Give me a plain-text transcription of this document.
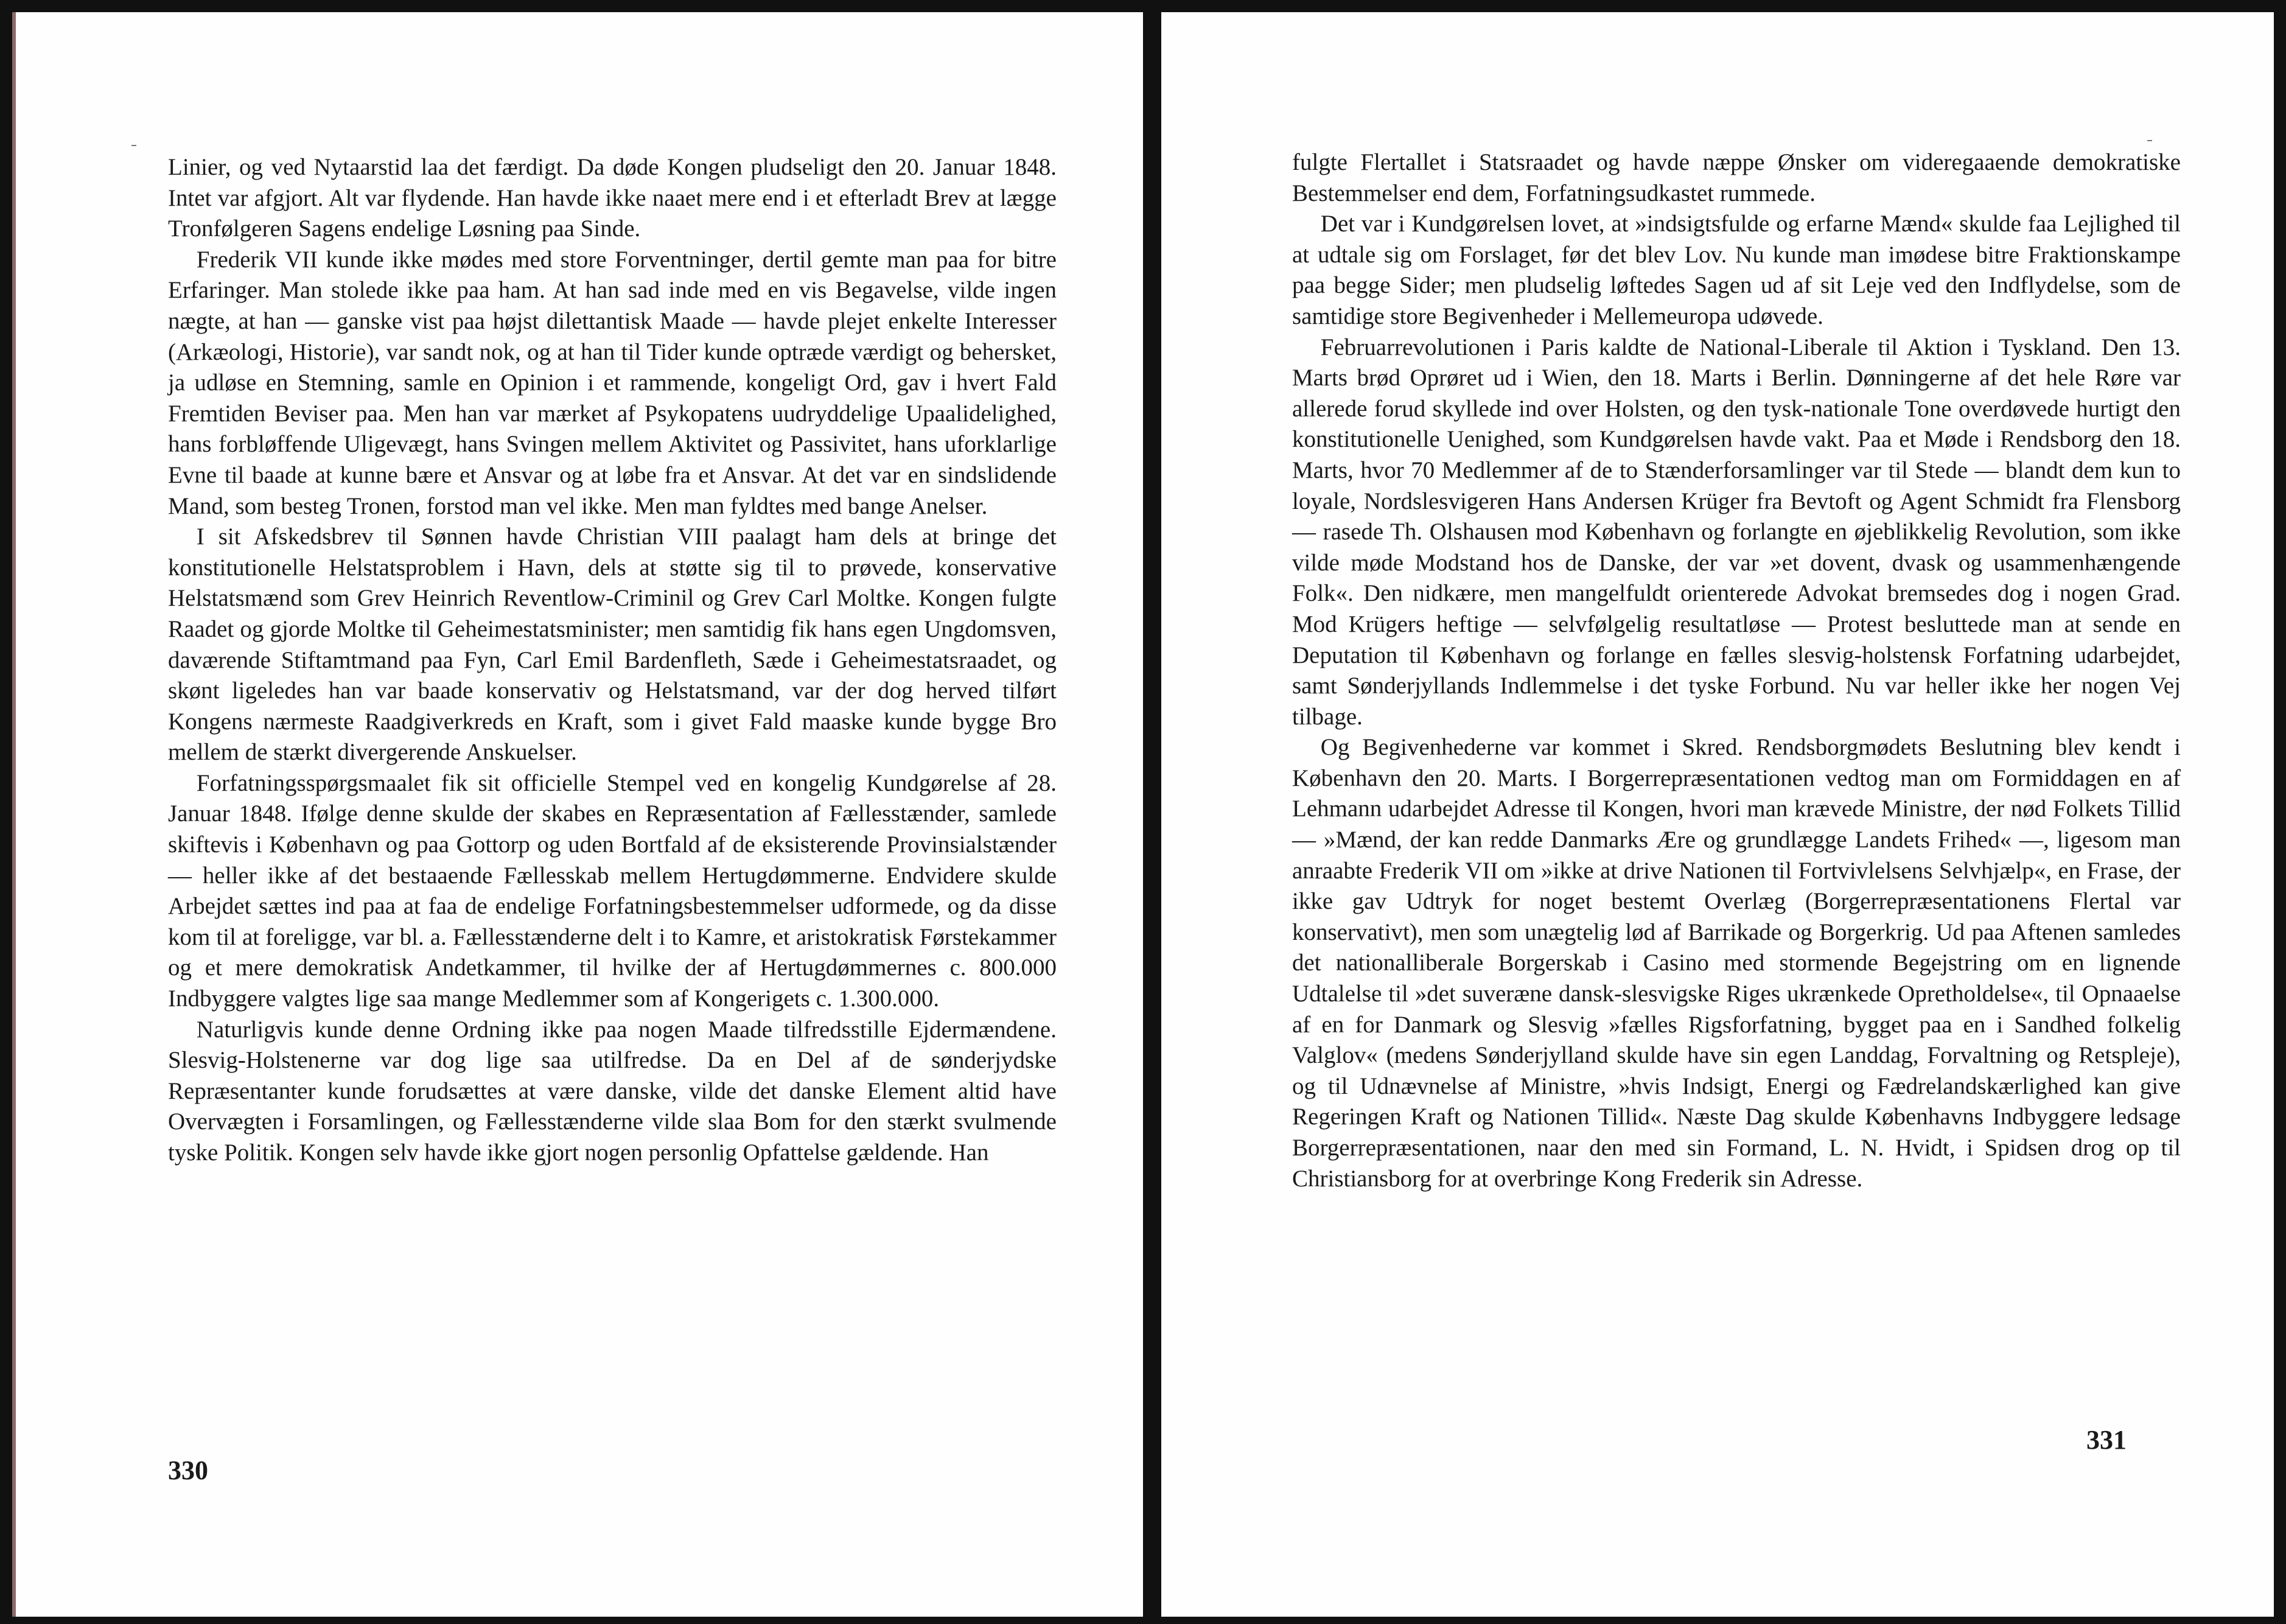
Linier, og ved Nytaarstid laa det færdigt. Da døde Kongen pludseligt den 20. Januar 1848. Intet var afgjort. Alt var flydende. Han havde ikke naaet mere end i et efterladt Brev at lægge Tronfølgeren Sagens endelige Løsning paa Sinde.

Frederik VII kunde ikke mødes med store Forventninger, dertil gemte man paa for bitre Erfaringer. Man stolede ikke paa ham. At han sad inde med en vis Begavelse, vilde ingen nægte, at han — ganske vist paa højst dilettantisk Maade — havde plejet enkelte Interesser (Arkæologi, Historie), var sandt nok, og at han til Tider kunde optræde værdigt og behersket, ja udløse en Stemning, samle en Opinion i et rammende, kongeligt Ord, gav i hvert Fald Fremtiden Beviser paa. Men han var mærket af Psykopatens uudryddelige Upaalidelighed, hans forbløffende Uligevægt, hans Svingen mellem Aktivitet og Passivitet, hans uforklarlige Evne til baade at kunne bære et Ansvar og at løbe fra et Ansvar. At det var en sindslidende Mand, som besteg Tronen, forstod man vel ikke. Men man fyldtes med bange Anelser.

I sit Afskedsbrev til Sønnen havde Christian VIII paalagt ham dels at bringe det konstitutionelle Helstatsproblem i Havn, dels at støtte sig til to prøvede, konservative Helstatsmænd som Grev Heinrich Reventlow-Criminil og Grev Carl Moltke. Kongen fulgte Raadet og gjorde Moltke til Geheimestatsminister; men samtidig fik hans egen Ungdomsven, daværende Stiftamtmand paa Fyn, Carl Emil Bardenfleth, Sæde i Geheimestatsraadet, og skønt ligeledes han var baade konservativ og Helstatsmand, var der dog herved tilført Kongens nærmeste Raadgiverkreds en Kraft, som i givet Fald maaske kunde bygge Bro mellem de stærkt divergerende Anskuelser.

Forfatningsspørgsmaalet fik sit officielle Stempel ved en kongelig Kundgørelse af 28. Januar 1848. Ifølge denne skulde der skabes en Repræsentation af Fællesstænder, samlede skiftevis i København og paa Gottorp og uden Bortfald af de eksisterende Provinsialstænder — heller ikke af det bestaaende Fællesskab mellem Hertugdømmerne. Endvidere skulde Arbejdet sættes ind paa at faa de endelige Forfatningsbestemmelser udformede, og da disse kom til at foreligge, var bl. a. Fællesstænderne delt i to Kamre, et aristokratisk Førstekammer og et mere demokratisk Andetkammer, til hvilke der af Hertugdømmernes c. 800.000 Indbyggere valgtes lige saa mange Medlemmer som af Kongerigets c. 1.300.000.

Naturligvis kunde denne Ordning ikke paa nogen Maade tilfredsstille Ejdermændene. Slesvig-Holstenerne var dog lige saa utilfredse. Da en Del af de sønderjydske Repræsentanter kunde forudsættes at være danske, vilde det danske Element altid have Overvægten i Forsamlingen, og Fællesstænderne vilde slaa Bom for den stærkt svulmende tyske Politik. Kongen selv havde ikke gjort nogen personlig Opfattelse gældende. Han

330

fulgte Flertallet i Statsraadet og havde næppe Ønsker om videregaaende demokratiske Bestemmelser end dem, Forfatningsudkastet rummede.

Det var i Kundgørelsen lovet, at »indsigtsfulde og erfarne Mænd« skulde faa Lejlighed til at udtale sig om Forslaget, før det blev Lov. Nu kunde man imødese bitre Fraktionskampe paa begge Sider; men pludselig løftedes Sagen ud af sit Leje ved den Indflydelse, som de samtidige store Begivenheder i Mellemeuropa udøvede.

Februarrevolutionen i Paris kaldte de National-Liberale til Aktion i Tyskland. Den 13. Marts brød Oprøret ud i Wien, den 18. Marts i Berlin. Dønningerne af det hele Røre var allerede forud skyllede ind over Holsten, og den tysk-nationale Tone overdøvede hurtigt den konstitutionelle Uenighed, som Kundgørelsen havde vakt. Paa et Møde i Rendsborg den 18. Marts, hvor 70 Medlemmer af de to Stænderforsamlinger var til Stede — blandt dem kun to loyale, Nordslesvigeren Hans Andersen Krüger fra Bevtoft og Agent Schmidt fra Flensborg — rasede Th. Olshausen mod København og forlangte en øjeblikkelig Revolution, som ikke vilde møde Modstand hos de Danske, der var »et dovent, dvask og usammenhængende Folk«. Den nidkære, men mangelfuldt orienterede Advokat bremsedes dog i nogen Grad. Mod Krügers heftige — selvfølgelig resultatløse — Protest besluttede man at sende en Deputation til København og forlange en fælles slesvig-holstensk Forfatning udarbejdet, samt Sønderjyllands Indlemmelse i det tyske Forbund. Nu var heller ikke her nogen Vej tilbage.

Og Begivenhederne var kommet i Skred. Rendsborgmødets Beslutning blev kendt i København den 20. Marts. I Borgerrepræsentationen vedtog man om Formiddagen en af Lehmann udarbejdet Adresse til Kongen, hvori man krævede Ministre, der nød Folkets Tillid — »Mænd, der kan redde Danmarks Ære og grundlægge Landets Frihed« —, ligesom man anraabte Frederik VII om »ikke at drive Nationen til Fortvivlelsens Selvhjælp«, en Frase, der ikke gav Udtryk for noget bestemt Overlæg (Borgerrepræsentationens Flertal var konservativt), men som unægtelig lød af Barrikade og Borgerkrig. Ud paa Aftenen samledes det nationalliberale Borgerskab i Casino med stormende Begejstring om en lignende Udtalelse til »det suveræne dansk-slesvigske Riges ukrænkede Opretholdelse«, til Opnaaelse af en for Danmark og Slesvig »fælles Rigsforfatning, bygget paa en i Sandhed folkelig Valglov« (medens Sønderjylland skulde have sin egen Landdag, Forvaltning og Retspleje), og til Udnævnelse af Ministre, »hvis Indsigt, Energi og Fædrelandskærlighed kan give Regeringen Kraft og Nationen Tillid«. Næste Dag skulde Københavns Indbyggere ledsage Borgerrepræsentationen, naar den med sin Formand, L. N. Hvidt, i Spidsen drog op til Christiansborg for at overbringe Kong Frederik sin Adresse.

331
